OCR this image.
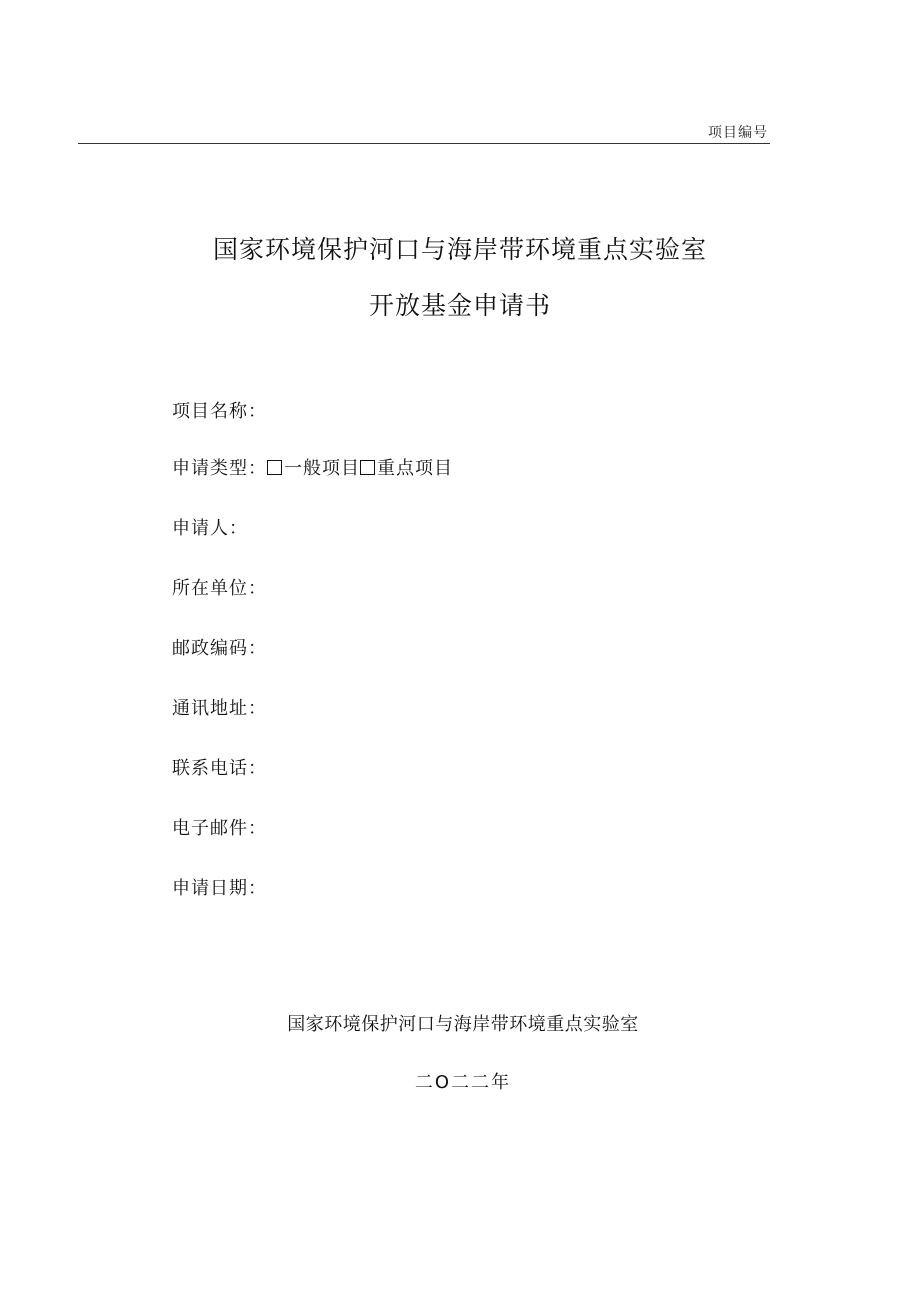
项目编号
国家环境保护河口与海岸带环境重点实验室
开放基金申请书
项目名称：
申请类型： 一般项目 重点项目
申请人：
所在单位：
邮政编码：
通讯地址：
联系电话：
电子邮件：
申请日期：
国家环境保护河口与海岸带环境重点实验室
二O二二年
